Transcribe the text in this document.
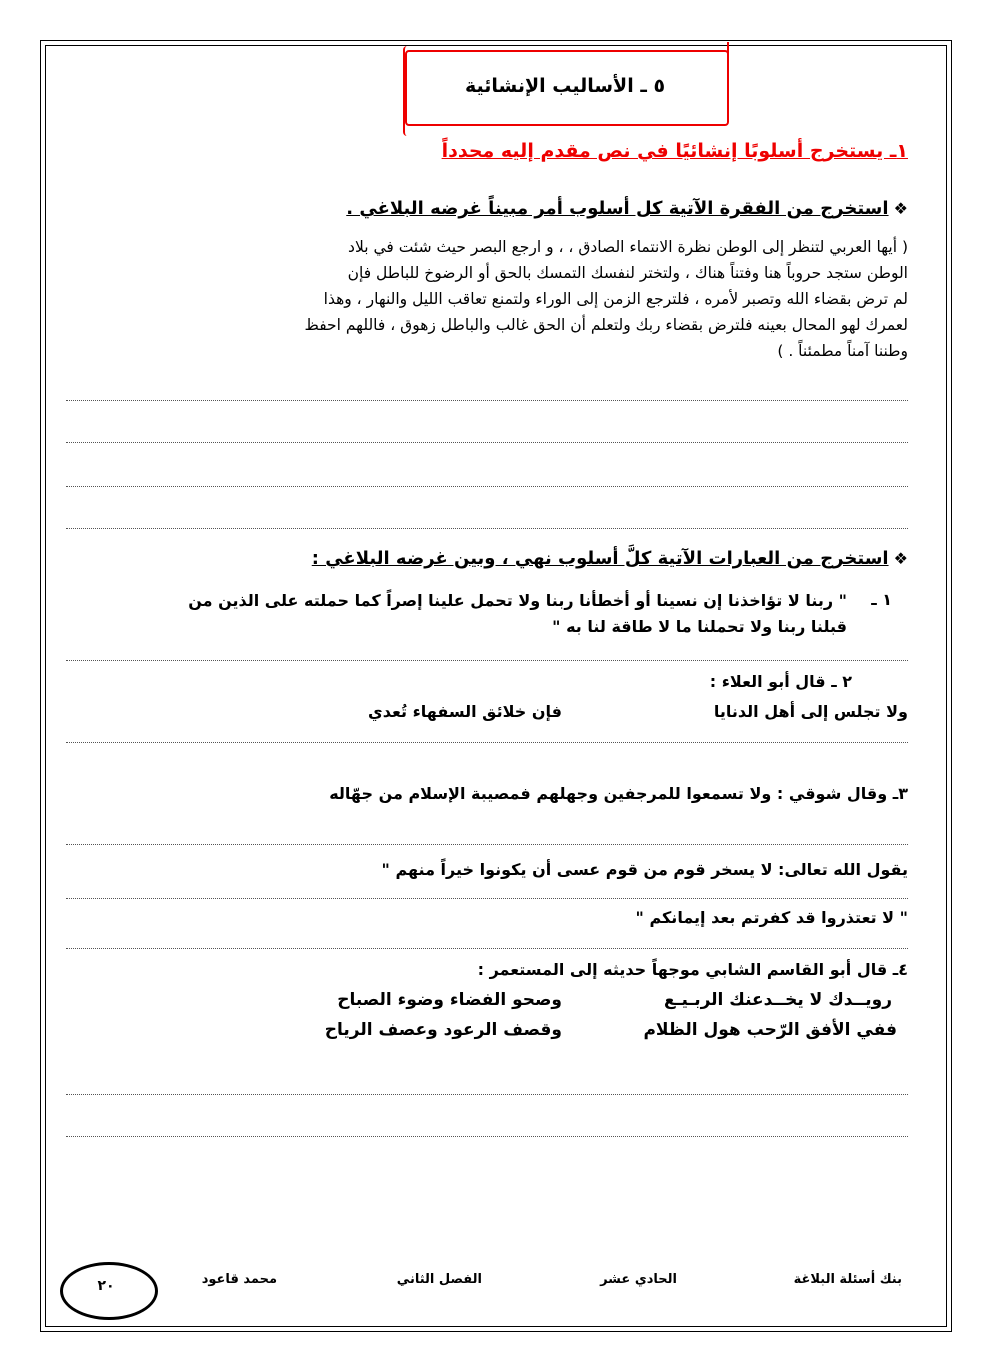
٥ ـ الأساليب الإنشائية
١ـ يستخرج أسلوبًا إنشائيًا في نص مقدم إليه محدداً
❖ استخرج من الفقرة الآتية كل أسلوب أمر مبيناً غرضه البلاغي .
( أيها العربي لتنظر إلى الوطن نظرة الانتماء الصادق ، ، و ارجع البصر حيث شئت في بلاد
الوطن ستجد حروباً هنا وفتناً هناك ، ولتختر لنفسك التمسك بالحق أو الرضوخ للباطل فإن
لم ترض بقضاء الله وتصبر لأمره ، فلترجع الزمن إلى الوراء ولتمنع تعاقب الليل والنهار ، وهذا
لعمرك لهو المحال بعينه فلترض بقضاء ربك ولتعلم أن الحق غالب والباطل زهوق ، فاللهم احفظ
وطننا آمناً مطمئناً . )
❖ استخرج من العبارات الآتية كلَّ أسلوب نهي ، وبين غرضه البلاغي :
١ ـ
" ربنا لا تؤاخذنا إن نسينا أو أخطأنا ربنا ولا تحمل علينا إصراً كما حملته على الذين من
قبلنا ربنا ولا تحملنا ما لا طاقة لنا به "
٢ ـ قال أبو العلاء :
ولا تجلس إلى أهل الدنايا
فإن خلائق السفهاء تُعدي
٣ـ وقال شوقي : ولا تسمعوا للمرجفين وجهلهم فمصيبة الإسلام من جهّاله
يقول الله تعالى: لا يسخر قوم من قوم عسى أن يكونوا خيراً منهم "
" لا تعتذروا قد كفرتم بعد إيمانكم "
٤ـ قال أبو القاسم الشابي موجهاً حديثه إلى المستعمر :
رويــدك لا يخــدعنك الربـيـع
وصحو الفضاء وضوء الصباح
ففي الأفق الرّحب هول الظلام
وقصف الرعود وعصف الرياح
بنك أسئلة البلاغة
الحادي عشر
الفصل الثاني
محمد قاعود
٢٠
